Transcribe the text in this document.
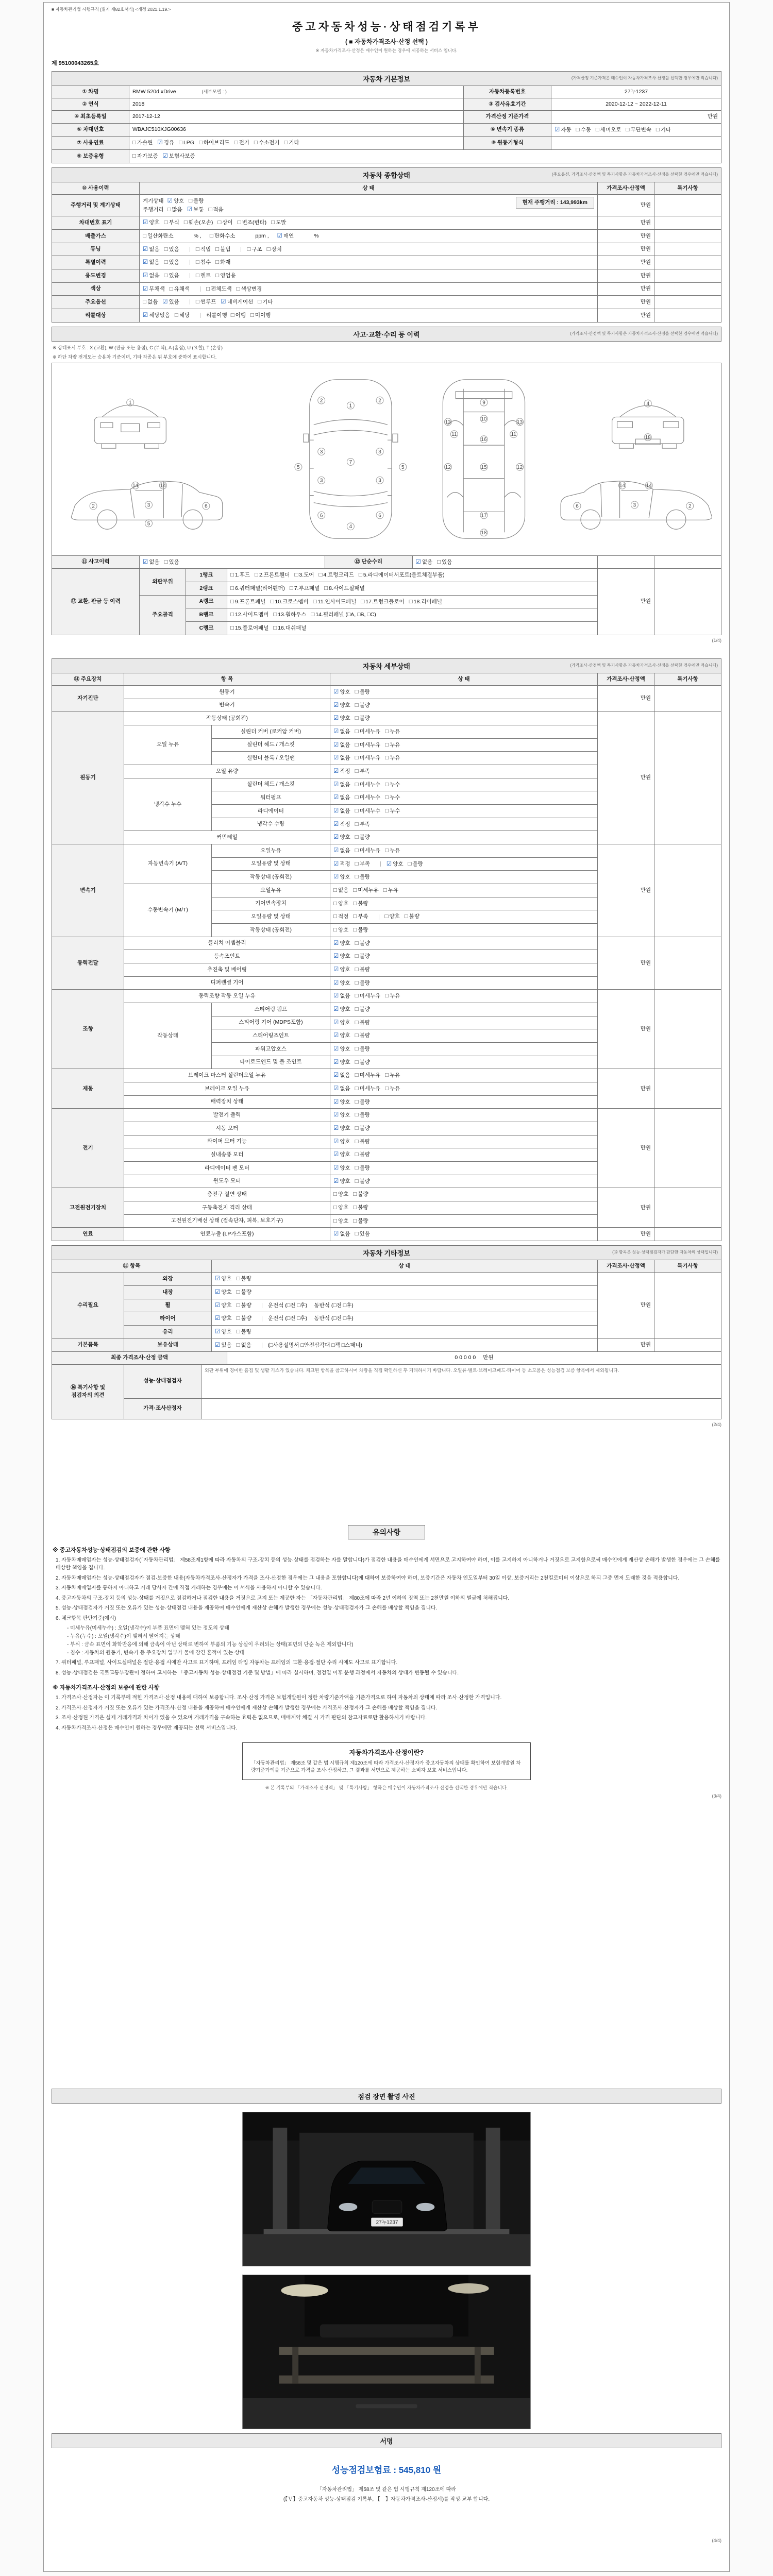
■ 자동차관리법 시행규칙 [별지 제82호서식] <개정 2021.1.19.>
중고자동차성능·상태점검기록부
( ■ 자동차가격조사·산정 선택 )
※ 자동차가격조사·산정은 매수인이 원하는 경우에 제공하는 서비스 입니다.
제 95100043265호
자동차 기본정보	(가격산정 기준가격은 매수인이 자동차가격조사·산정을 선택한 경우에만 적습니다)
① 차명	BMW 520d xDrive (세부모델 : )	자동차등록번호	27누1237
② 연식	2018	③ 검사유효기간	2020-12-12 ~ 2022-12-11
④ 최초등록일	2017-12-12	가격산정 기준가격	만원

⑤ 차대번호	WBAJC510XJG00636	⑥ 변속기 종류	☑ 자동 □ 수동 □ 세미오토 □ 무단변속 □ 기타
⑦ 사용연료	□ 가솔린 ☑ 경유 □ LPG □ 하이브리드 □ 전기 □ 수소전기 □ 기타	⑧ 원동기형식	
⑨ 보증유형	□ 자가보증 ☑ 보험사보증		
자동차 종합상태	(주요옵션, 가격조사·산정액 및 특기사항은 자동차가격조사·산정을 선택한 경우에만 적습니다)
⑩ 사용이력	상 태	가격조사·산정액	특기사항
주행거리 및 계기상태	현재 주행거리 : 143,993km
계기상태 ☑ 양호 □ 불량
주행거리 □ 많음 ☑ 보통 □ 적음	만원	

차대번호 표기	☑ 양호 □ 부식 □ 훼손(오손) □ 상이 □ 변조(변타) □ 도말	만원	

배출가스	□ 일산화탄소 % , □ 탄화수소 ppm , ☑ 매연 %	만원	

튜닝	☑ 없음 □ 있음 □ 적법 □ 불법 □ 구조 □ 장치	만원	

특별이력	☑ 없음 □ 있음 □ 침수 □ 화재	만원	

용도변경	☑ 없음 □ 있음 □ 렌트 □ 영업용	만원	

색상	☑ 무채색 □ 유채색 □ 전체도색 □ 색상변경	만원	

주요옵션	□ 없음 ☑ 있음 □ 썬루프 ☑ 네비게이션 □ 기타	만원	

리콜대상	☑ 해당없음 □ 해당 리콜이행 □ 이행 □ 미이행	만원	

사고·교환·수리 등 이력	(가격조사·산정액 및 특기사항은 자동차가격조사·산정을 선택한 경우에만 적습니다)
※ 상태표시 부호 : X (교환), W (판금 또는 용접), C (부식), A (흠집), U (요철), T (손상)
※ 하단 차량 전개도는 승용차 기준이며, 기타 차종은 위 부호에 준하여 표시합니다.
1
1
7
4
2	2
3
3
3
3
6	6
5	5
9
10
16
11	11
13	13
12	12
15
17
18
14	14
2	3	6
5
14	14
6	3	2
4
18
⑪ 사고이력	☑ 없음 □ 있음	⑫ 단순수리	☑ 없음 □ 있음		
⑬ 교환, 판금 등 이력	외판부위	1랭크	□ 1.후드 □ 2.프론트휀더 □ 3.도어 □ 4.트렁크리드 □ 5.라디에이터서포트(볼트체결부품)	만원	

		2랭크	□ 6.쿼터패널(리어휀더) □ 7.루프패널 □ 8.사이드실패널		
	주요골격	A랭크	□ 9.프론트패널 □ 10.크로스멤버 □ 11.인사이드패널 □ 17.트렁크플로어 □ 18.리어패널		
		B랭크	□ 12.사이드멤버 □ 13.휠하우스 □ 14.필러패널 (□A, □B, □C)		
		C랭크	□ 15.플로어패널 □ 16.대쉬패널		
(1/4)
자동차 세부상태	(가격조사·산정액 및 특기사항은 자동차가격조사·산정을 선택한 경우에만 적습니다)
⑭ 주요장치	항 목		상 태	가격조사·산정액	특기사항
자기진단	원동기		☑ 양호 □ 불량	만원	

	변속기		☑ 양호 □ 불량		
원동기	작동상태 (공회전)		☑ 양호 □ 불량	만원	

	오일 누유	실린더 커버 (로커암 커버)	☑ 없음 □ 미세누유 □ 누유		
		실린더 헤드 / 개스킷	☑ 없음 □ 미세누유 □ 누유		
		실린더 블록 / 오일팬	☑ 없음 □ 미세누유 □ 누유		
	오일 유량		☑ 적정 □ 부족		
	냉각수 누수	실린더 헤드 / 개스킷	☑ 없음 □ 미세누수 □ 누수		
		워터펌프	☑ 없음 □ 미세누수 □ 누수		
		라디에이터	☑ 없음 □ 미세누수 □ 누수		
		냉각수 수량	☑ 적정 □ 부족		
	커먼레일		☑ 양호 □ 불량		
변속기	자동변속기 (A/T)	오일누유	☑ 없음 □ 미세누유 □ 누유	만원	

		오일유량 및 상태	☑ 적정 □ 부족 ☑ 양호 □ 불량		
		작동상태 (공회전)	☑ 양호 □ 불량		
	수동변속기 (M/T)	오일누유	□ 없음 □ 미세누유 □ 누유		
		기어변속장치	□ 양호 □ 불량		
		오일유량 및 상태	□ 적정 □ 부족 □ 양호 □ 불량		
		작동상태 (공회전)	□ 양호 □ 불량		
동력전달	클러치 어셈블리		☑ 양호 □ 불량	만원	

	등속조인트		☑ 양호 □ 불량		
	추진축 및 베어링		☑ 양호 □ 불량		
	디퍼렌셜 기어		☑ 양호 □ 불량		
조향	동력조향 작동 오일 누유		☑ 없음 □ 미세누유 □ 누유	만원	

	작동상태	스티어링 펌프	☑ 양호 □ 불량		
		스티어링 기어 (MDPS포함)	☑ 양호 □ 불량		
		스티어링조인트	☑ 양호 □ 불량		
		파워고압호스	☑ 양호 □ 불량		
		타이로드엔드 및 볼 조인트	☑ 양호 □ 불량		
제동	브레이크 마스터 실린더오일 누유		☑ 없음 □ 미세누유 □ 누유	만원	

	브레이크 오일 누유		☑ 없음 □ 미세누유 □ 누유		
	배력장치 상태		☑ 양호 □ 불량		
전기	발전기 출력		☑ 양호 □ 불량	만원	

	시동 모터		☑ 양호 □ 불량		
	와이퍼 모터 기능		☑ 양호 □ 불량		
	실내송풍 모터		☑ 양호 □ 불량		
	라디에이터 팬 모터		☑ 양호 □ 불량		
	윈도우 모터		☑ 양호 □ 불량		
고전원전기장치	충전구 절연 상태		□ 양호 □ 불량	만원	

	구동축전지 격리 상태		□ 양호 □ 불량		
	고전원전기배선 상태 (접속단자, 피복, 보호기구)		□ 양호 □ 불량		
연료	연료누출 (LP가스포함)		☑ 없음 □ 있음	만원	

자동차 기타정보	(⑮ 항목은 성능·상태점검자가 판단한 자동차의 상태입니다)
⑮ 항목		상 태	가격조사·산정액	특기사항
수리필요	외장	☑ 양호 □ 불량	만원	

	내장	☑ 양호 □ 불량		
	휠	☑ 양호 □ 불량 운전석 (□전 □후)　 동반석 (□전 □후)		
	타이어	☑ 양호 □ 불량 운전석 (□전 □후)　 동반석 (□전 □후)		
	유리	☑ 양호 □ 불량		
기본품목	보유상태	☑ 있음 □ 없음 (□사용설명서 □안전삼각대 □잭 □스패너)	만원	

최종 가격조사·산정 금액	0 0 0 0 0 만원
⑯ 특기사항 및
점검자의 의견	성능·상태점검자	외판 부위에 경미한 흠집 및 생활 기스가 있습니다. 체크된 항목을 참고하시어 차량을 직접 확인하신 후 거래하시기 바랍니다. 오일류·벨트·브레이크패드·타이어 등 소모품은 성능점검 보증 항목에서 제외됩니다.
	가격·조사산정자	
(2/4)
유의사항
※ 중고자동차성능·상태점검의 보증에 관한 사항
1. 자동차매매업자는 성능·상태점검자(「자동차관리법」 제58조제1항에 따라 자동차의 구조·장치 등의 성능·상태를 점검하는 자를 말합니다)가 점검한 내용을 매수인에게 서면으로 고지하여야 하며, 이를 고지하지 아니하거나 거짓으로 고지함으로써 매수인에게 재산상 손해가 발생한 경우에는 그 손해를 배상할 책임을 집니다.
2. 자동차매매업자는 성능·상태점검자가 점검·보증한 내용(자동차가격조사·산정자가 가격을 조사·산정한 경우에는 그 내용을 포함합니다)에 대하여 보증하여야 하며, 보증기간은 자동차 인도일부터 30일 이상, 보증거리는 2천킬로미터 이상으로 하되 그중 먼저 도래한 것을 적용합니다.
3. 자동차매매업자를 통하지 아니하고 거래 당사자 간에 직접 거래하는 경우에는 이 서식을 사용하지 아니할 수 있습니다.
4. 중고자동차의 구조·장치 등의 성능·상태를 거짓으로 점검하거나 점검한 내용을 거짓으로 고지 또는 제공한 자는 「자동차관리법」 제80조에 따라 2년 이하의 징역 또는 2천만원 이하의 벌금에 처해집니다.
5. 성능·상태점검자가 거짓 또는 오류가 있는 성능·상태점검 내용을 제공하여 매수인에게 재산상 손해가 발생한 경우에는 성능·상태점검자가 그 손해를 배상할 책임을 집니다.
6. 체크항목 판단기준(예시)
- 미세누유(미세누수) : 오일(냉각수)이 부품 표면에 맺혀 있는 정도의 상태
- 누유(누수) : 오일(냉각수)이 맺혀서 떨어지는 상태
- 부식 : 금속 표면이 화학반응에 의해 금속이 아닌 상태로 변하여 부품의 기능 상실이 우려되는 상태(표면의 단순 녹은 제외합니다)
- 침수 : 자동차의 원동기, 변속기 등 주요장치 일부가 물에 잠긴 흔적이 있는 상태
7. 쿼터패널, 루프패널, 사이드실패널은 절단·용접 시에만 사고로 표기하며, 프레임 타입 자동차는 프레임의 교환·용접·절단 수리 시에도 사고로 표기합니다.
8. 성능·상태점검은 국토교통부장관이 정하여 고시하는 「중고자동차 성능·상태점검 기준 및 방법」에 따라 실시하며, 점검일 이후 운행 과정에서 자동차의 상태가 변동될 수 있습니다.
※ 자동차가격조사·산정의 보증에 관한 사항
1. 가격조사·산정자는 이 기록부에 적힌 가격조사·산정 내용에 대하여 보증합니다. 조사·산정 가격은 보험개발원이 정한 차량기준가액을 기준가격으로 하여 자동차의 상태에 따라 조사·산정한 가격입니다.
2. 가격조사·산정자가 거짓 또는 오류가 있는 가격조사·산정 내용을 제공하여 매수인에게 재산상 손해가 발생한 경우에는 가격조사·산정자가 그 손해를 배상할 책임을 집니다.
3. 조사·산정된 가격은 실제 거래가격과 차이가 있을 수 있으며 거래가격을 구속하는 효력은 없으므로, 매매계약 체결 시 가격 판단의 참고자료로만 활용하시기 바랍니다.
4. 자동차가격조사·산정은 매수인이 원하는 경우에만 제공되는 선택 서비스입니다.
자동차가격조사·산정이란?
「자동차관리법」 제58조 및 같은 법 시행규칙 제120조에 따라 가격조사·산정자가 중고자동차의 상태를 확인하여 보험개발원 차량기준가액을 기준으로 가격을 조사·산정하고, 그 결과를 서면으로 제공하는 소비자 보호 서비스입니다.
※ 본 기록부의 「가격조사·산정액」 및 「특기사항」 항목은 매수인이 자동차가격조사·산정을 선택한 경우에만 적습니다.
(3/4)
점검 장면 촬영 사진
27누1237
서명
성능점검보험료 : 545,810 원
「자동차관리법」 제58조 및 같은 법 시행규칙 제120조에 따라
(【Ｖ】중고자동차 성능·상태점검 기록부, 【　】자동차가격조사·산정서)를 작성·교부 합니다.
(4/4)
